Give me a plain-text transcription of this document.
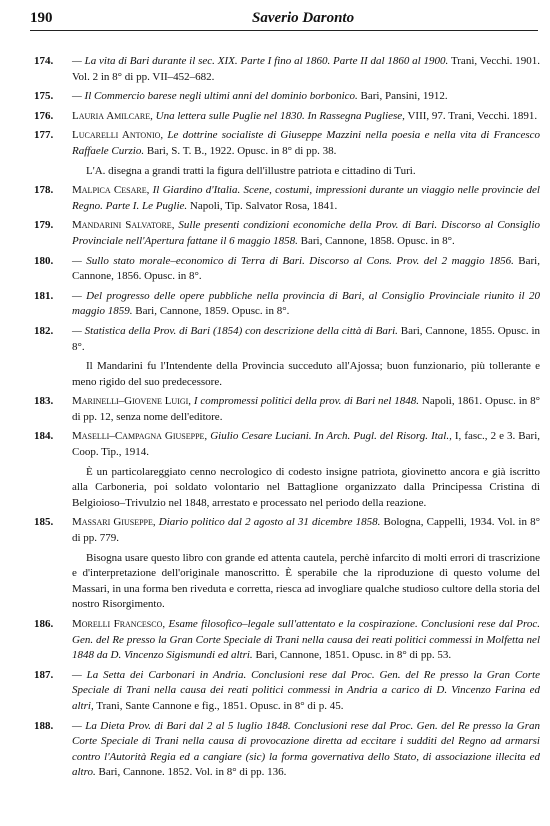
190	Saverio Daronto
174. — La vita di Bari durante il sec. XIX. Parte I fino al 1860. Parte II dal 1860 al 1900. Trani, Vecchi. 1901. Vol. 2 in 8° di pp. VII–452–682.
175. — Il Commercio barese negli ultimi anni del dominio borbonico. Bari, Pansini, 1912.
176. Lauria Amilcare, Una lettera sulle Puglie nel 1830. In Rassegna Pugliese, VIII, 97. Trani, Vecchi. 1891.
177. Lucarelli Antonio, Le dottrine socialiste di Giuseppe Mazzini nella poesia e nella vita di Francesco Raffaele Curzio. Bari, S. T. B., 1922. Opusc. in 8° di pp. 38.
L'A. disegna a grandi tratti la figura dell'illustre patriota e cittadino di Turi.
178. Malpica Cesare, Il Giardino d'Italia. Scene, costumi, impressioni durante un viaggio nelle provincie del Regno. Parte I. Le Puglie. Napoli, Tip. Salvator Rosa, 1841.
179. Mandarini Salvatore, Sulle presenti condizioni economiche della Prov. di Bari. Discorso al Consiglio Provinciale nell'Apertura fattane il 6 maggio 1858. Bari, Cannone, 1858. Opusc. in 8°.
180. — Sullo stato morale–economico di Terra di Bari. Discorso al Cons. Prov. del 2 maggio 1856. Bari, Cannone, 1856. Opusc. in 8°.
181. — Del progresso delle opere pubbliche nella provincia di Bari, al Consiglio Provinciale riunito il 20 maggio 1859. Bari, Cannone, 1859. Opusc. in 8°.
182. — Statistica della Prov. di Bari (1854) con descrizione della città di Bari. Bari, Cannone, 1855. Opusc. in 8°.
Il Mandarini fu l'Intendente della Provincia succeduto all'Ajossa; buon funzionario, più tollerante e meno rigido del suo predecessore.
183. Marinelli–Giovene Luigi, I compromessi politici della prov. di Bari nel 1848. Napoli, 1861. Opusc. in 8° di pp. 12, senza nome dell'editore.
184. Maselli–Campagna Giuseppe, Giulio Cesare Luciani. In Arch. Pugl. del Risorg. Ital., I, fasc., 2 e 3. Bari, Coop. Tip., 1914.
È un particolareggiato cenno necrologico di codesto insigne patriota, giovinetto ancora e già iscritto alla Carboneria, poi soldato volontario nel Battaglione organizzato dalla Principessa Cristina di Belgioioso–Trivulzio nel 1848, arrestato e processato nel periodo della reazione.
185. Massari Giuseppe, Diario politico dal 2 agosto al 31 dicembre 1858. Bologna, Cappelli, 1934. Vol. in 8° di pp. 779.
Bisogna usare questo libro con grande ed attenta cautela, perchè infarcito di molti errori di trascrizione e d'interpretazione dell'originale manoscritto. È sperabile che la riproduzione di questo volume del Massari, in una forma ben riveduta e corretta, riesca ad invogliare qualche studioso cultore della storia del nostro Risorgimento.
186. Morelli Francesco, Esame filosofico–legale sull'attentato e la cospirazione. Conclusioni rese dal Proc. Gen. del Re presso la Gran Corte Speciale di Trani nella causa dei reati politici commessi in Molfetta nel 1848 da D. Vincenzo Sigismundi ed altri. Bari, Cannone, 1851. Opusc. in 8° di pp. 53.
187. — La Setta dei Carbonari in Andria. Conclusioni rese dal Proc. Gen. del Re presso la Gran Corte Speciale di Trani nella causa dei reati politici commessi in Andria a carico di D. Vincenzo Farina ed altri, Trani, Sante Cannone e fig., 1851. Opusc. in 8° di p. 45.
188. — La Dieta Prov. di Bari dal 2 al 5 luglio 1848. Conclusioni rese dal Proc. Gen. del Re presso la Gran Corte Speciale di Trani nella causa di provocazione diretta ad eccitare i sudditi del Regno ad armarsi contro l'Autorità Regia ed a cangiare (sic) la forma governativa dello Stato, di associazione illecita ed altro. Bari, Cannone. 1852. Vol. in 8° di pp. 136.
